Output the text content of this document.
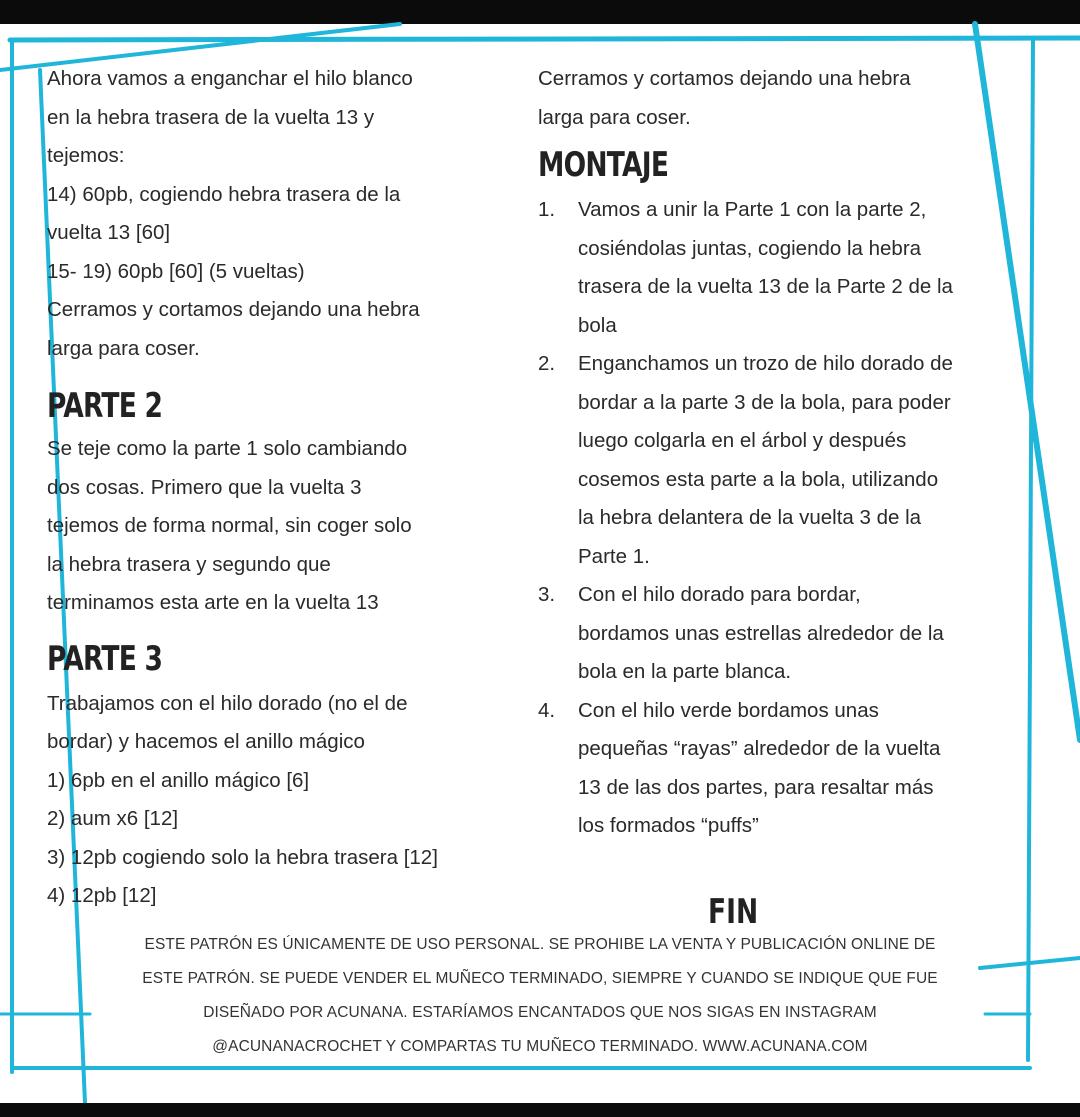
Ahora vamos a enganchar el hilo blanco

en la hebra trasera de la vuelta 13 y

tejemos:

14) 60pb, cogiendo hebra trasera de la

vuelta 13 [60]

15- 19) 60pb [60] (5 vueltas)

Cerramos y cortamos dejando una hebra

larga para coser.

PARTE 2

Se teje como la parte 1 solo cambiando

dos cosas. Primero que la vuelta 3

tejemos de forma normal, sin coger solo

la hebra trasera y segundo que

terminamos esta arte en la vuelta 13

PARTE 3

Trabajamos con el hilo dorado (no el de

bordar) y hacemos el anillo mágico

1) 6pb en el anillo mágico [6]

2) aum x6 [12]

3) 12pb cogiendo solo la hebra trasera [12]

4) 12pb [12]

Cerramos y cortamos dejando una hebra

larga para coser.

MONTAJE
1.	Vamos a unir la Parte 1 con la parte 2,

cosiéndolas juntas, cogiendo la hebra

trasera de la vuelta 13 de la Parte 2 de la

bola

2.	Enganchamos un trozo de hilo dorado de

bordar a la parte 3 de la bola, para poder

luego colgarla en el árbol y después

cosemos esta parte a la bola, utilizando

la hebra delantera de la vuelta 3 de la

Parte 1.

3.	Con el hilo dorado para bordar,

bordamos unas estrellas alrededor de la

bola en la parte blanca.

4.	Con el hilo verde bordamos unas

pequeñas “rayas” alrededor de la vuelta

13 de las dos partes, para resaltar más

los formados “puffs”

FIN

ESTE PATRÓN ES ÚNICAMENTE DE USO PERSONAL. SE PROHIBE LA VENTA Y PUBLICACIÓN ONLINE DE

ESTE PATRÓN. SE PUEDE VENDER EL MUÑECO TERMINADO, SIEMPRE Y CUANDO SE INDIQUE QUE FUE

DISEÑADO POR ACUNANA. ESTARÍAMOS ENCANTADOS QUE NOS SIGAS EN INSTAGRAM

@ACUNANACROCHET Y COMPARTAS TU MUÑECO TERMINADO. WWW.ACUNANA.COM
